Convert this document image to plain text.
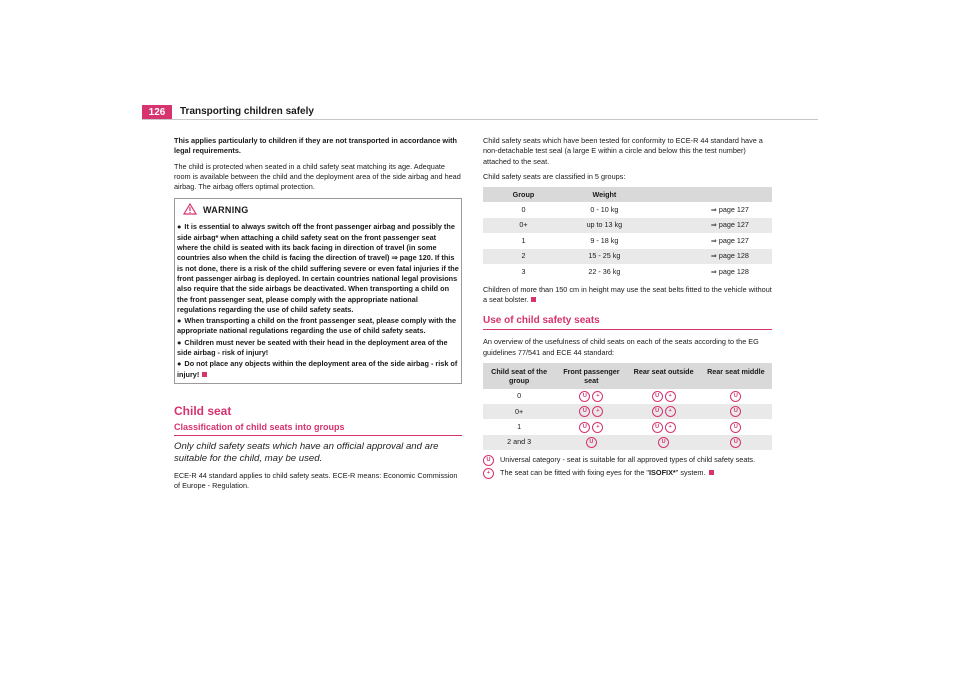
126	Transporting children safely
This applies particularly to children if they are not transported in accordance with legal requirements.
The child is protected when seated in a child safety seat matching its age. Adequate room is available between the child and the deployment area of the side airbag and head airbag. The airbag offers optimal protection.
WARNING
● It is essential to always switch off the front passenger airbag and possibly the side airbag* when attaching a child safety seat on the front passenger seat where the child is seated with its back facing in direction of travel (in some countries also when the child is facing the direction of travel) ⇒ page 120. If this is not done, there is a risk of the child suffering severe or even fatal injuries if the front passenger airbag is deployed. In certain countries national legal provisions also require that the side airbags be deactivated. When transporting a child on the front passenger seat, please comply with the appropriate national regulations regarding the use of child safety seats.
● When transporting a child on the front passenger seat, please comply with the appropriate national regulations regarding the use of child safety seats.
● Children must never be seated with their head in the deployment area of the side airbag - risk of injury!
● Do not place any objects within the deployment area of the side airbag - risk of injury!
Child seat
Classification of child seats into groups
Only child safety seats which have an official approval and are suitable for the child, may be used.
ECE-R 44 standard applies to child safety seats. ECE-R means: Economic Commission of Europe - Regulation.
Child safety seats which have been tested for conformity to ECE-R 44 standard have a non-detachable test seal (a large E within a circle and below this the test number) attached to the seat.
Child safety seats are classified in 5 groups:
Group	Weight	
0	0 - 10 kg	⇒ page 127
0+	up to 13 kg	⇒ page 127
1	9 - 18 kg	⇒ page 127
2	15 - 25 kg	⇒ page 128
3	22 - 36 kg	⇒ page 128
Children of more than 150 cm in height may use the seat belts fitted to the vehicle without a seat bolster.
Use of child safety seats
An overview of the usefulness of child seats on each of the seats according to the EG guidelines 77/541 and ECE 44 standard:
Child seat of the group	Front passenger seat	Rear seat outside	Rear seat middle
0	U +	U +	U
0+	U +	U +	U
1	U +	U +	U
2 and 3	U	U	U
U	Universal category - seat is suitable for all approved types of child safety seats.
+	The seat can be fitted with fixing eyes for the "ISOFIX*" system.
